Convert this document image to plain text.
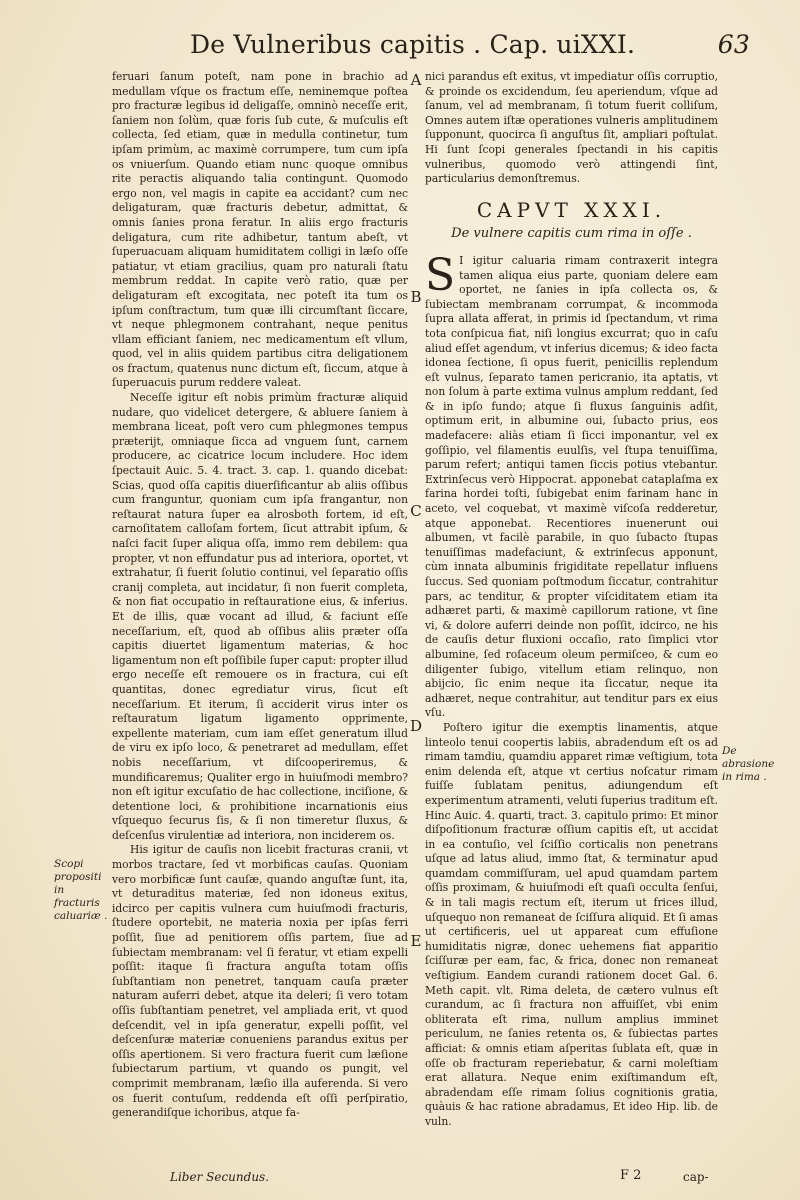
De Vulneribus capitis . Cap. uiXXI.	63

feruari ſanum poteſt, nam pone in brachio ad medullam vſque os fractum eſſe, neminemque poſtea pro fracturæ legibus id deligaſſe, omninò neceſſe erit, ſaniem non ſolùm, quæ foris ſub cute, & muſculis eſt collecta, ſed etiam, quæ in medulla continetur, tum ipſam primùm, ac maximè corrumpere, tum cum ipſa os vniuerſum. Quando etiam nunc quoque omnibus rite peractis aliquando talia contingunt. Quomodo ergo non, vel magis in capite ea accidant? cum nec deligaturam, quæ fracturis debetur, admittat, & omnis ſanies prona feratur. In aliis ergo fracturis deligatura, cum rite adhibetur, tantum abeſt, vt ſuperuacuam aliquam humiditatem colligi in læſo oſſe patiatur, vt etiam gracilius, quam pro naturali ſtatu membrum reddat. In capite verò ratio, quæ per deligaturam eſt excogitata, nec poteſt ita tum os ipſum conſtractum, tum quæ illi circumſtant ſiccare, vt neque phlegmonem contrahant, neque penitus vllam efficiant ſaniem, nec medicamentum eſt vllum, quod, vel in aliis quidem partibus citra deligationem os fractum, quatenus nunc dictum eſt, ſiccum, atque à ſuperuacuis purum reddere valeat.

Neceſſe igitur eſt nobis primùm fracturæ aliquid nudare, quo videlicet detergere, & abluere ſaniem à membrana liceat, poſt vero cum phlegmones tempus præterijt, omniaque ſicca ad vnguem ſunt, carnem producere, ac cicatrice locum includere. Hoc idem ſpectauit Auic. 5. 4. tract. 3. cap. 1. quando dicebat: Scias, quod oſſa capitis diuerſificantur ab aliis oſſibus cum franguntur, quoniam cum ipſa frangantur, non reſtaurat natura ſuper ea alrosboth fortem, id eſt, carnoſitatem calloſam fortem, ſicut attrabit ipſum, & naſci facit ſuper aliqua oſſa, immo rem debilem: qua propter, vt non effundatur pus ad interiora, oportet, vt extrahatur, ſi fuerit ſolutio continui, vel ſeparatio oſſis cranij completa, aut incidatur, ſi non fuerit completa, & non fiat occupatio in reſtauratione eius, & inferius. Et de illis, quæ vocant ad illud, & faciunt eſſe neceſſarium, eſt, quod ab oſſibus aliis præter oſſa capitis diuertet ligamentum materias, & hoc ligamentum non eſt poſſibile ſuper caput: propter illud ergo neceſſe eſt remouere os in fractura, cui eſt quantitas, donec egrediatur virus, ſicut eſt neceſſarium. Et iterum, ſi acciderit virus inter os reſtauratum ligatum ligamento opprimente, expellente materiam, cum iam eſſet generatum illud de viru ex ipſo loco, & penetraret ad medullam, eſſet nobis neceſſarium, vt diſcooperiremus, & mundificaremus; Qualiter ergo in huiuſmodi membro? non eſt igitur excuſatio de hac collectione, inciſione, & detentione loci, & prohibitione incarnationis eius vſquequo ſecurus ſis, & ſi non timeretur ſluxus, & deſcenſus virulentiæ ad interiora, non inciderem os.

His igitur de cauſis non licebit fracturas cranii, vt morbos tractare, ſed vt morbificas cauſas. Quoniam vero morbificæ ſunt cauſæ, quando anguſtæ ſunt, ita, vt deturaditus materiæ, ſed non idoneus exitus, idcirco per capitis vulnera cum huiuſmodi fracturis, ſtudere oportebit, ne materia noxia per ipſas ferri poſſit, ſiue ad penitiorem oſſis partem, ſiue ad ſubiectam membranam: vel ſi feratur, vt etiam expelli poſſit: itaque ſi fractura anguſta totam oſſis ſubſtantiam non penetret, tanquam cauſa præter naturam auferri debet, atque ita deleri; ſi vero totam oſſis ſubſtantiam penetret, vel ampliada erit, vt quod deſcendit, vel in ipſa generatur, expelli poſſit, vel deſcenſuræ materiæ conueniens parandus exitus per oſſis apertionem. Si vero fractura fuerit cum læſione ſubiectarum partium, vt quando os pungit, vel comprimit membranam, læſio illa auferenda. Si vero os fuerit contuſum, reddenda eſt oſſi perſpiratio, generandiſque ichoribus, atque fa-

nici parandus eſt exitus, vt impediatur oſſis corruptio, & proinde os excidendum, ſeu aperiendum, vſque ad ſanum, vel ad membranam, ſi totum fuerit colliſum, Omnes autem iſtæ operationes vulneris amplitudinem ſupponunt, quocirca ſi anguſtus ſit, ampliari poſtulat. Hi ſunt ſcopi generales ſpectandi in his capitis vulneribus, quomodo verò attingendi ſint, particularius demonſtremus.

CAPVT XXXI.
De vulnere capitis cum rima in oſſe .

S I igitur caluaria rimam contraxerit integra tamen aliqua eius parte, quoniam delere eam oportet, ne ſanies in ipſa collecta os, & ſubiectam membranam corrumpat, & incommoda ſupra allata afferat, in primis id ſpectandum, vt rima tota conſpicua fiat, niſi longius excurrat; quo in caſu aliud eſſet agendum, vt inferius dicemus; & ideo facta idonea ſectione, ſi opus fuerit, penicillis replendum eſt vulnus, ſeparato tamen pericranio, ita aptatis, vt non ſolum à parte extima vulnus amplum reddant, ſed & in ipſo fundo; atque ſi fluxus ſanguinis adſit, optimum erit, in albumine oui, ſubacto prius, eos madefacere: aliàs etiam ſi ſicci imponantur, vel ex goſſipio, vel filamentis euulſis, vel ſtupa tenuiſſima, parum refert; antiqui tamen ſiccis potius vtebantur. Extrinſecus verò Hippocrat. apponebat cataplaſma ex farina hordei toſti, ſubigebat enim farinam hanc in aceto, vel coquebat, vt maximè viſcoſa redderetur, atque apponebat. Recentiores inuenerunt oui albumen, vt facilè parabile, in quo ſubacto ſtupas tenuiſſimas madefaciunt, & extrinſecus apponunt, cùm innata albuminis frigiditate repellatur influens ſuccus. Sed quoniam poſtmodum ſiccatur, contrahitur pars, ac tenditur, & propter viſciditatem etiam ita adhæret parti, & maximè capillorum ratione, vt ſine vi, & dolore auferri deinde non poſſit, idcirco, ne his de cauſis detur fluxioni occaſio, rato ſimplici vtor albumine, ſed roſaceum oleum permiſceo, & cum eo diligenter ſubigo, vitellum etiam relinquo, non abijcio, ſic enim neque ita ſiccatur, neque ita adhæret, neque contrahitur, aut tenditur pars ex eius vſu.

Poſtero igitur die exemptis linamentis, atque linteolo tenui coopertis labiis, abradendum eſt os ad rimam tamdiu, quamdiu apparet rimæ veſtigium, tota enim delenda eſt, atque vt certius noſcatur rimam fuiſſe ſublatam penitus, adiungendum eſt experimentum atramenti, veluti ſuperius traditum eſt. Hinc Auic. 4. quarti, tract. 3. capitulo primo: Et minor diſpoſitionum fracturæ oſſium capitis eſt, ut accidat in ea contuſio, vel ſciſſio corticalis non penetrans uſque ad latus aliud, immo ſtat, & terminatur apud quamdam commiſſuram, uel apud quamdam partem oſſis proximam, & huiuſmodi eſt quaſi occulta ſenſui, & in tali magis rectum eſt, iterum ut frices illud, uſquequo non remaneat de ſciſſura aliquid. Et ſi amas ut certificeris, uel ut appareat cum effuſione humiditatis nigræ, donec uehemens fiat apparitio ſciſſuræ per eam, fac, & frica, donec non remaneat veſtigium. Eandem curandi rationem docet Gal. 6. Meth capit. vlt. Rima deleta, de cætero vulnus eſt curandum, ac ſi fractura non affuiſſet, vbi enim obliterata eſt rima, nullum amplius imminet periculum, ne ſanies retenta os, & ſubiectas partes afficiat: & omnis etiam aſperitas ſublata eſt, quæ in oſſe ob fracturam reperiebatur, & carni moleſtiam erat allatura. Neque enim exiſtimandum eſt, abradendam eſſe rimam ſolius cognitionis gratia, quàuis & hac ratione abradamus, Et ideo Hip. lib. de vuln.

A
B
C
D
E
Scopi propositi in fracturis caluariæ .
De abrasione in rima .
Liber Secundus.	F 2	cap-
